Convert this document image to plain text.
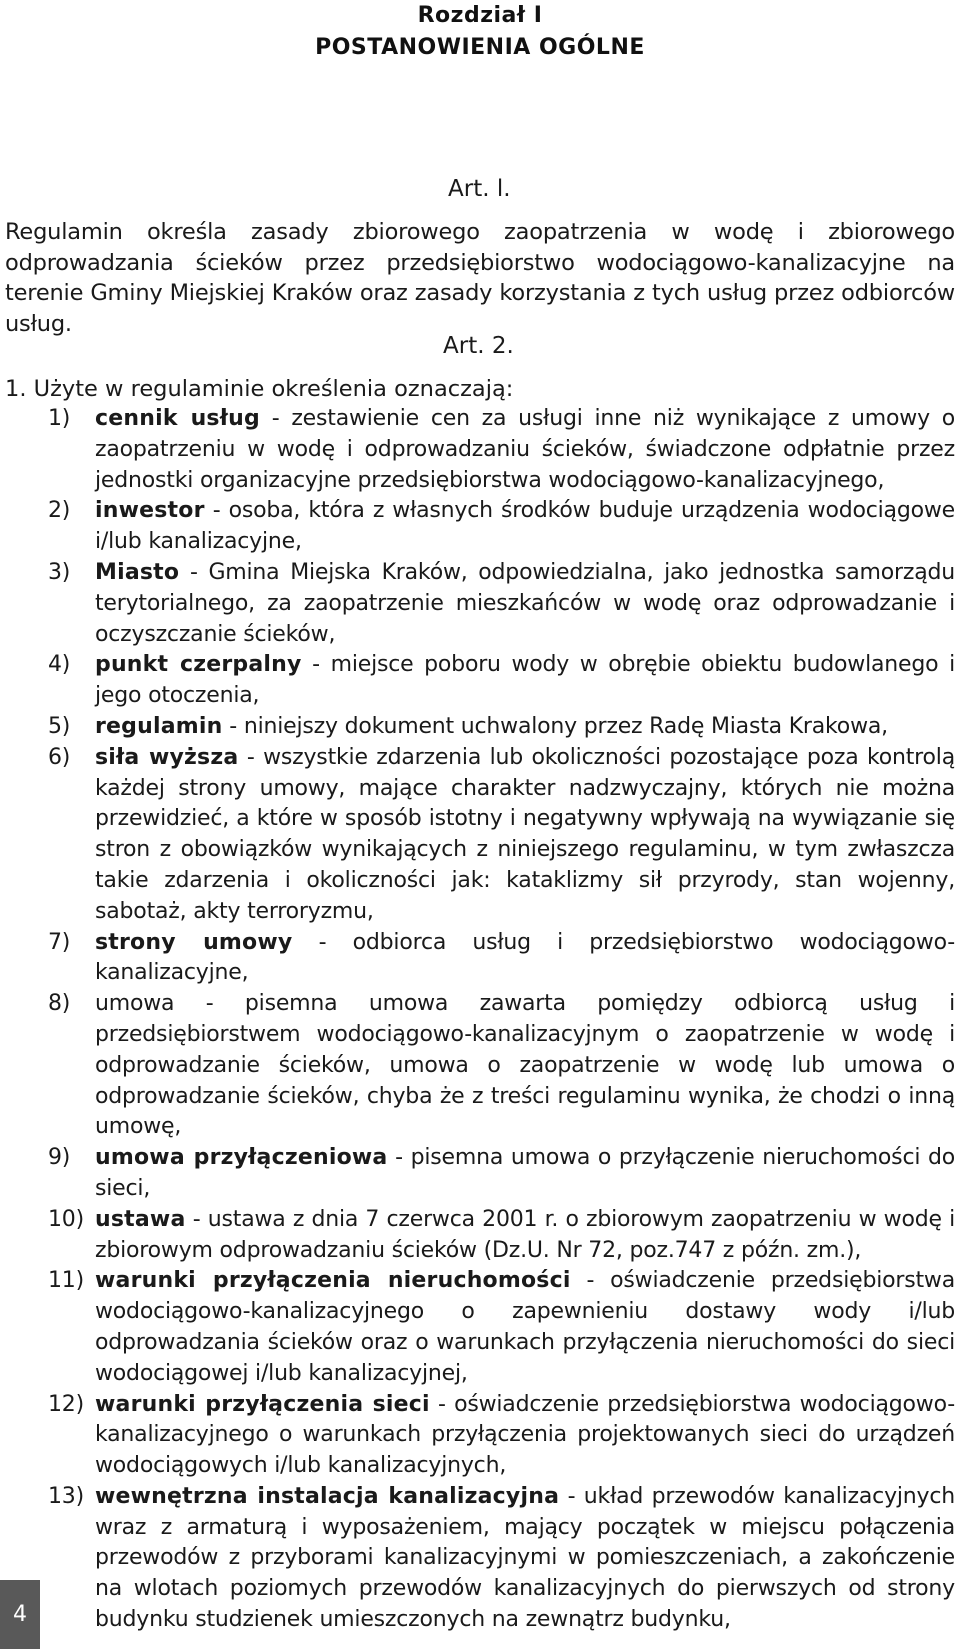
Rozdział I
POSTANOWIENIA OGÓLNE
Art. l.
Regulamin określa zasady zbiorowego zaopatrzenia w wodę i zbiorowego odprowadzania ścieków przez przedsiębiorstwo wodociągowo-kanalizacyjne na terenie Gminy Miejskiej Kraków oraz zasady korzystania z tych usług przez odbiorców usług.
Art. 2.
1. Użyte w regulaminie określenia oznaczają:
1) cennik usług - zestawienie cen za usługi inne niż wynikające z umowy o zaopatrzeniu w wodę i odprowadzaniu ścieków, świadczone odpłatnie przez jednostki organizacyjne przedsiębiorstwa wodociągowo-kanalizacyjnego,
2) inwestor - osoba, która z własnych środków buduje urządzenia wodociągowe i/lub kanalizacyjne,
3) Miasto - Gmina Miejska Kraków, odpowiedzialna, jako jednostka samorządu terytorialnego, za zaopatrzenie mieszkańców w wodę oraz odprowadzanie i oczyszczanie ścieków,
4) punkt czerpalny - miejsce poboru wody w obrębie obiektu budowlanego i jego otoczenia,
5) regulamin - niniejszy dokument uchwalony przez Radę Miasta Krakowa,
6) siła wyższa - wszystkie zdarzenia lub okoliczności pozostające poza kontrolą każdej strony umowy, mające charakter nadzwyczajny, których nie można przewidzieć, a które w sposób istotny i negatywny wpływają na wywiązanie się stron z obowiązków wynikających z niniejszego regulaminu, w tym zwłaszcza takie zdarzenia i okoliczności jak: kataklizmy sił przyrody, stan wojenny, sabotaż, akty terroryzmu,
7) strony umowy - odbiorca usług i przedsiębiorstwo wodociągowo-kanalizacyjne,
8) umowa - pisemna umowa zawarta pomiędzy odbiorcą usług i przedsiębiorstwem wodociągowo-kanalizacyjnym o zaopatrzenie w wodę i odprowadzanie ścieków, umowa o zaopatrzenie w wodę lub umowa o odprowadzanie ścieków, chyba że z treści regulaminu wynika, że chodzi o inną umowę,
9) umowa przyłączeniowa - pisemna umowa o przyłączenie nieruchomości do sieci,
10) ustawa - ustawa z dnia 7 czerwca 2001 r. o zbiorowym zaopatrzeniu w wodę i zbiorowym odprowadzaniu ścieków (Dz.U. Nr 72, poz.747 z późn. zm.),
11) warunki przyłączenia nieruchomości - oświadczenie przedsiębiorstwa wodociągowo-kanalizacyjnego o zapewnieniu dostawy wody i/lub odprowadzania ścieków oraz o warunkach przyłączenia nieruchomości do sieci wodociągowej i/lub kanalizacyjnej,
12) warunki przyłączenia sieci - oświadczenie przedsiębiorstwa wodociągowo-kanalizacyjnego o warunkach przyłączenia projektowanych sieci do urządzeń wodociągowych i/lub kanalizacyjnych,
13) wewnętrzna instalacja kanalizacyjna - układ przewodów kanalizacyjnych wraz z armaturą i wyposażeniem, mający początek w miejscu połączenia przewodów z przyborami kanalizacyjnymi w pomieszczeniach, a zakończenie na wlotach poziomych przewodów kanalizacyjnych do pierwszych od strony budynku studzienek umieszczonych na zewnątrz budynku,
4
